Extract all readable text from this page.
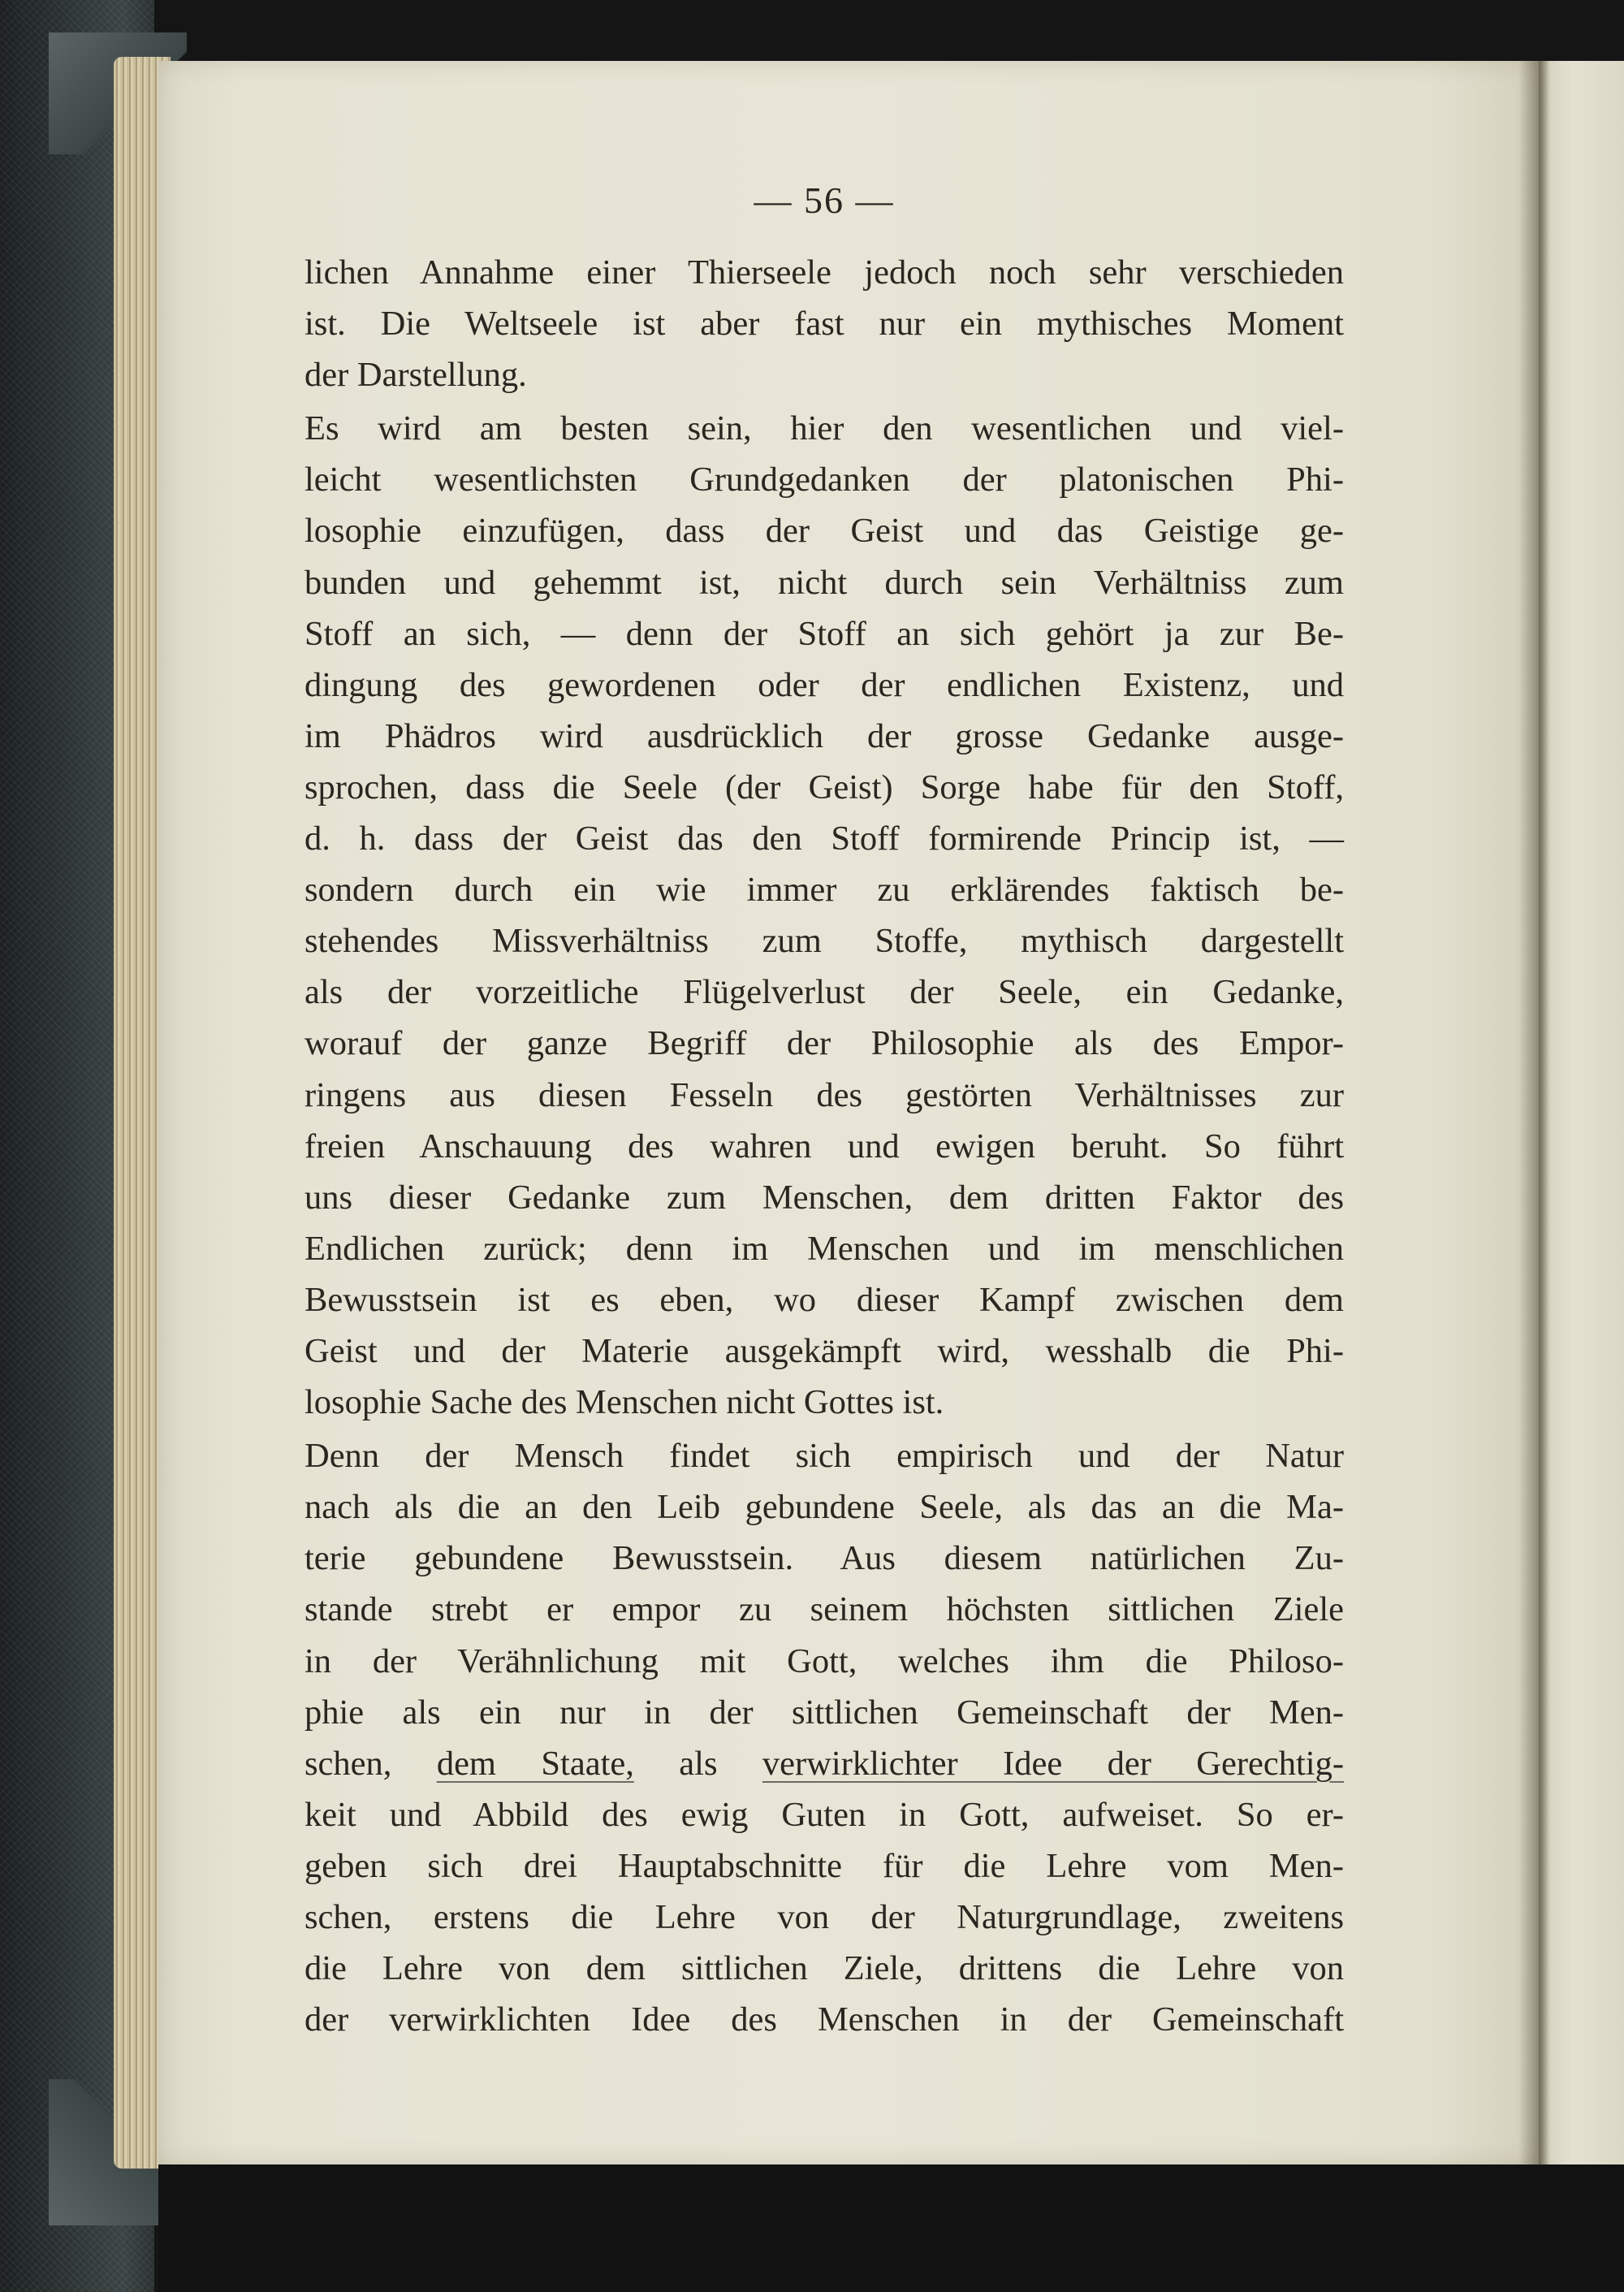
— 56 —
lichen Annahme einer Thierseele jedoch noch sehr verschieden
ist. Die Weltseele ist aber fast nur ein mythisches Moment
der Darstellung.
Es wird am besten sein, hier den wesentlichen und viel-
leicht wesentlichsten Grundgedanken der platonischen Phi-
losophie einzufügen, dass der Geist und das Geistige ge-
bunden und gehemmt ist, nicht durch sein Verhältniss zum
Stoff an sich, — denn der Stoff an sich gehört ja zur Be-
dingung des gewordenen oder der endlichen Existenz, und
im Phädros wird ausdrücklich der grosse Gedanke ausge-
sprochen, dass die Seele (der Geist) Sorge habe für den Stoff,
d. h. dass der Geist das den Stoff formirende Princip ist, —
sondern durch ein wie immer zu erklärendes faktisch be-
stehendes Missverhältniss zum Stoffe, mythisch dargestellt
als der vorzeitliche Flügelverlust der Seele, ein Gedanke,
worauf der ganze Begriff der Philosophie als des Empor-
ringens aus diesen Fesseln des gestörten Verhältnisses zur
freien Anschauung des wahren und ewigen beruht. So führt
uns dieser Gedanke zum Menschen, dem dritten Faktor des
Endlichen zurück; denn im Menschen und im menschlichen
Bewusstsein ist es eben, wo dieser Kampf zwischen dem
Geist und der Materie ausgekämpft wird, wesshalb die Phi-
losophie Sache des Menschen nicht Gottes ist.
Denn der Mensch findet sich empirisch und der Natur
nach als die an den Leib gebundene Seele, als das an die Ma-
terie gebundene Bewusstsein. Aus diesem natürlichen Zu-
stande strebt er empor zu seinem höchsten sittlichen Ziele
in der Verähnlichung mit Gott, welches ihm die Philoso-
phie als ein nur in der sittlichen Gemeinschaft der Men-
schen, dem Staate, als verwirklichter Idee der Gerechtig-
keit und Abbild des ewig Guten in Gott, aufweiset. So er-
geben sich drei Hauptabschnitte für die Lehre vom Men-
schen, erstens die Lehre von der Naturgrundlage, zweitens
die Lehre von dem sittlichen Ziele, drittens die Lehre von
der verwirklichten Idee des Menschen in der Gemeinschaft
